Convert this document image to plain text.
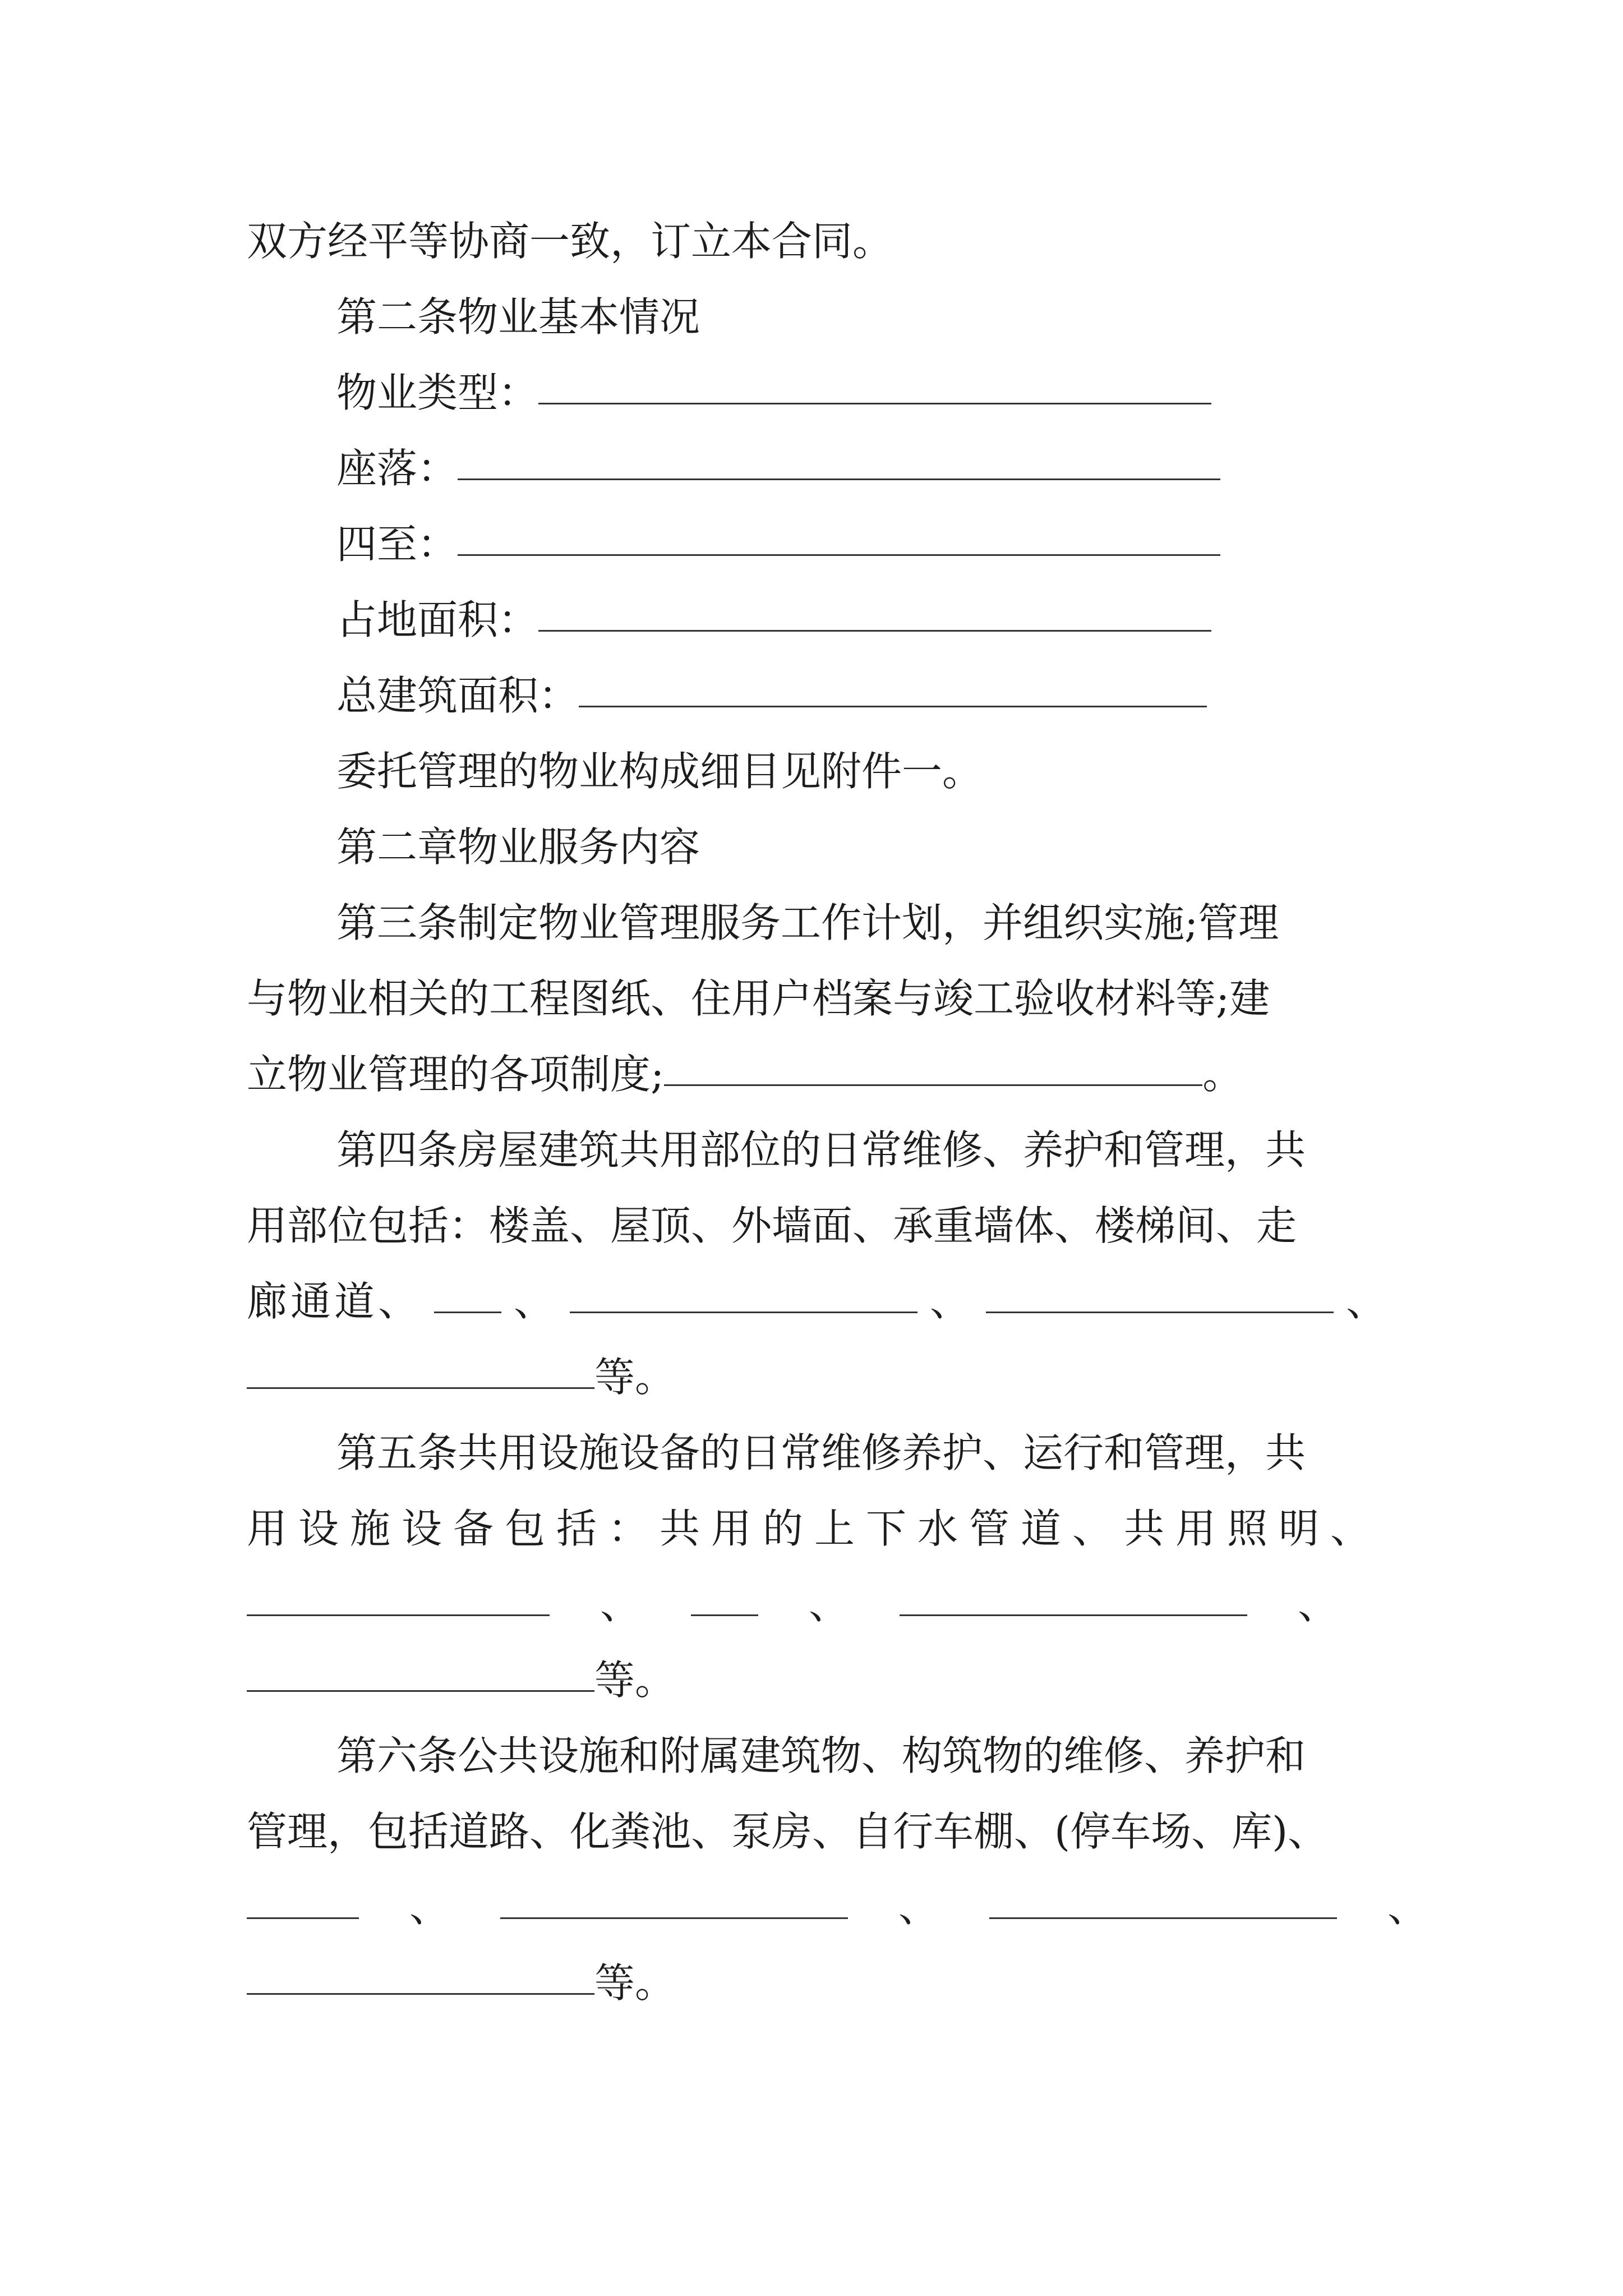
双方经平等协商一致，订立本合同。
第二条物业基本情况
物业类型：
座落：
四至：
占地面积：
总建筑面积：
委托管理的物业构成细目见附件一。
第二章物业服务内容
第三条制定物业管理服务工作计划，并组织实施;管理
与物业相关的工程图纸、住用户档案与竣工验收材料等;建
立物业管理的各项制度;	。
第四条房屋建筑共用部位的日常维修、养护和管理，共
用部位包括：楼盖、屋顶、外墙面、承重墙体、楼梯间、走
廊通道、 、	、	、
等。
第五条共用设施设备的日常维修养护、运行和管理，共
用设施设备包括：共用的上下水管道、共用照明、
、	、	、
等。
第六条公共设施和附属建筑物、构筑物的维修、养护和
管理，包括道路、化粪池、泵房、自行车棚、(停车场、库)、
、	、	、
等。
